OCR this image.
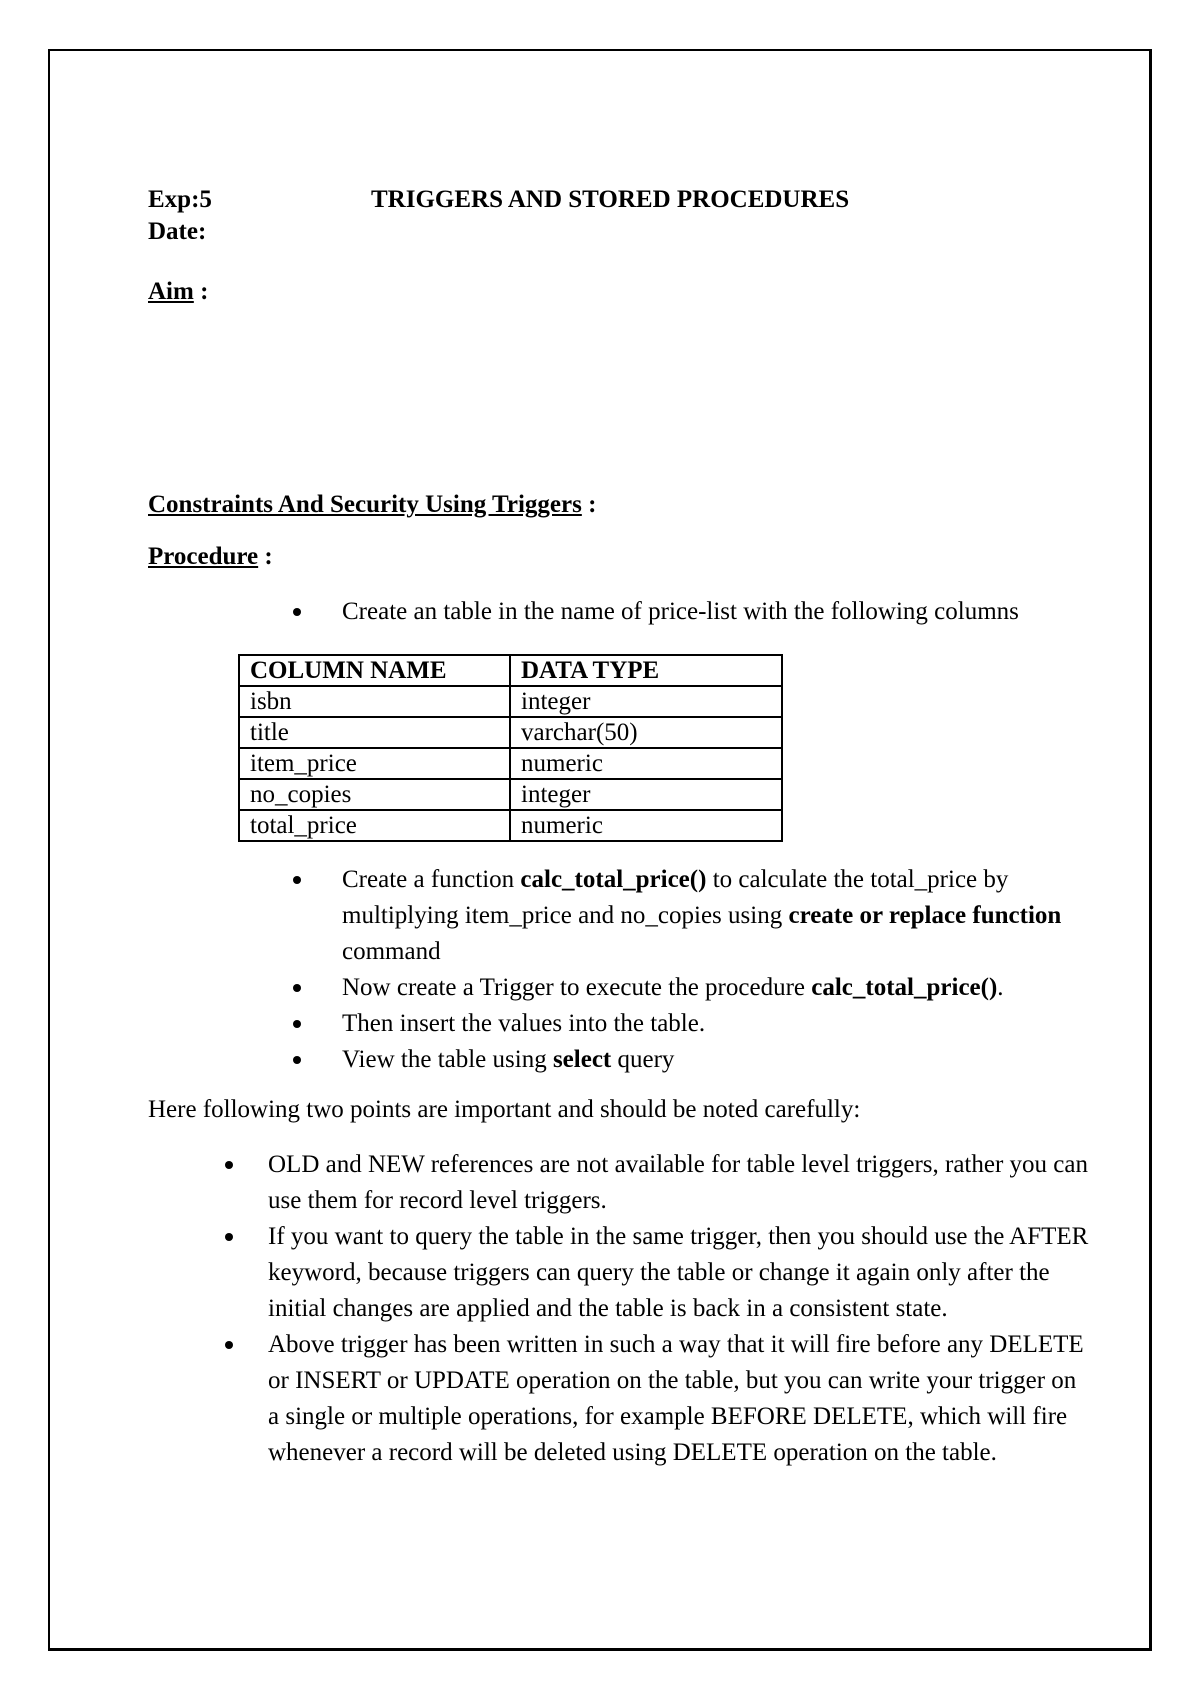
Exp:5	TRIGGERS AND STORED PROCEDURES
Date:
Aim :
Constraints And Security Using Triggers :
Procedure :
Create an table in the name of price-list with the following columns
COLUMN NAME	DATA TYPE
isbn	integer
title	varchar(50)
item_price	numeric
no_copies	integer
total_price	numeric
Create a function calc_total_price() to calculate the total_price by
multiplying item_price and no_copies using create or replace function
command
Now create a Trigger to execute the procedure calc_total_price().
Then insert the values into the table.
View the table using select query
Here following two points are important and should be noted carefully:
OLD and NEW references are not available for table level triggers, rather you can
use them for record level triggers.
If you want to query the table in the same trigger, then you should use the AFTER
keyword, because triggers can query the table or change it again only after the
initial changes are applied and the table is back in a consistent state.
Above trigger has been written in such a way that it will fire before any DELETE
or INSERT or UPDATE operation on the table, but you can write your trigger on
a single or multiple operations, for example BEFORE DELETE, which will fire
whenever a record will be deleted using DELETE operation on the table.
